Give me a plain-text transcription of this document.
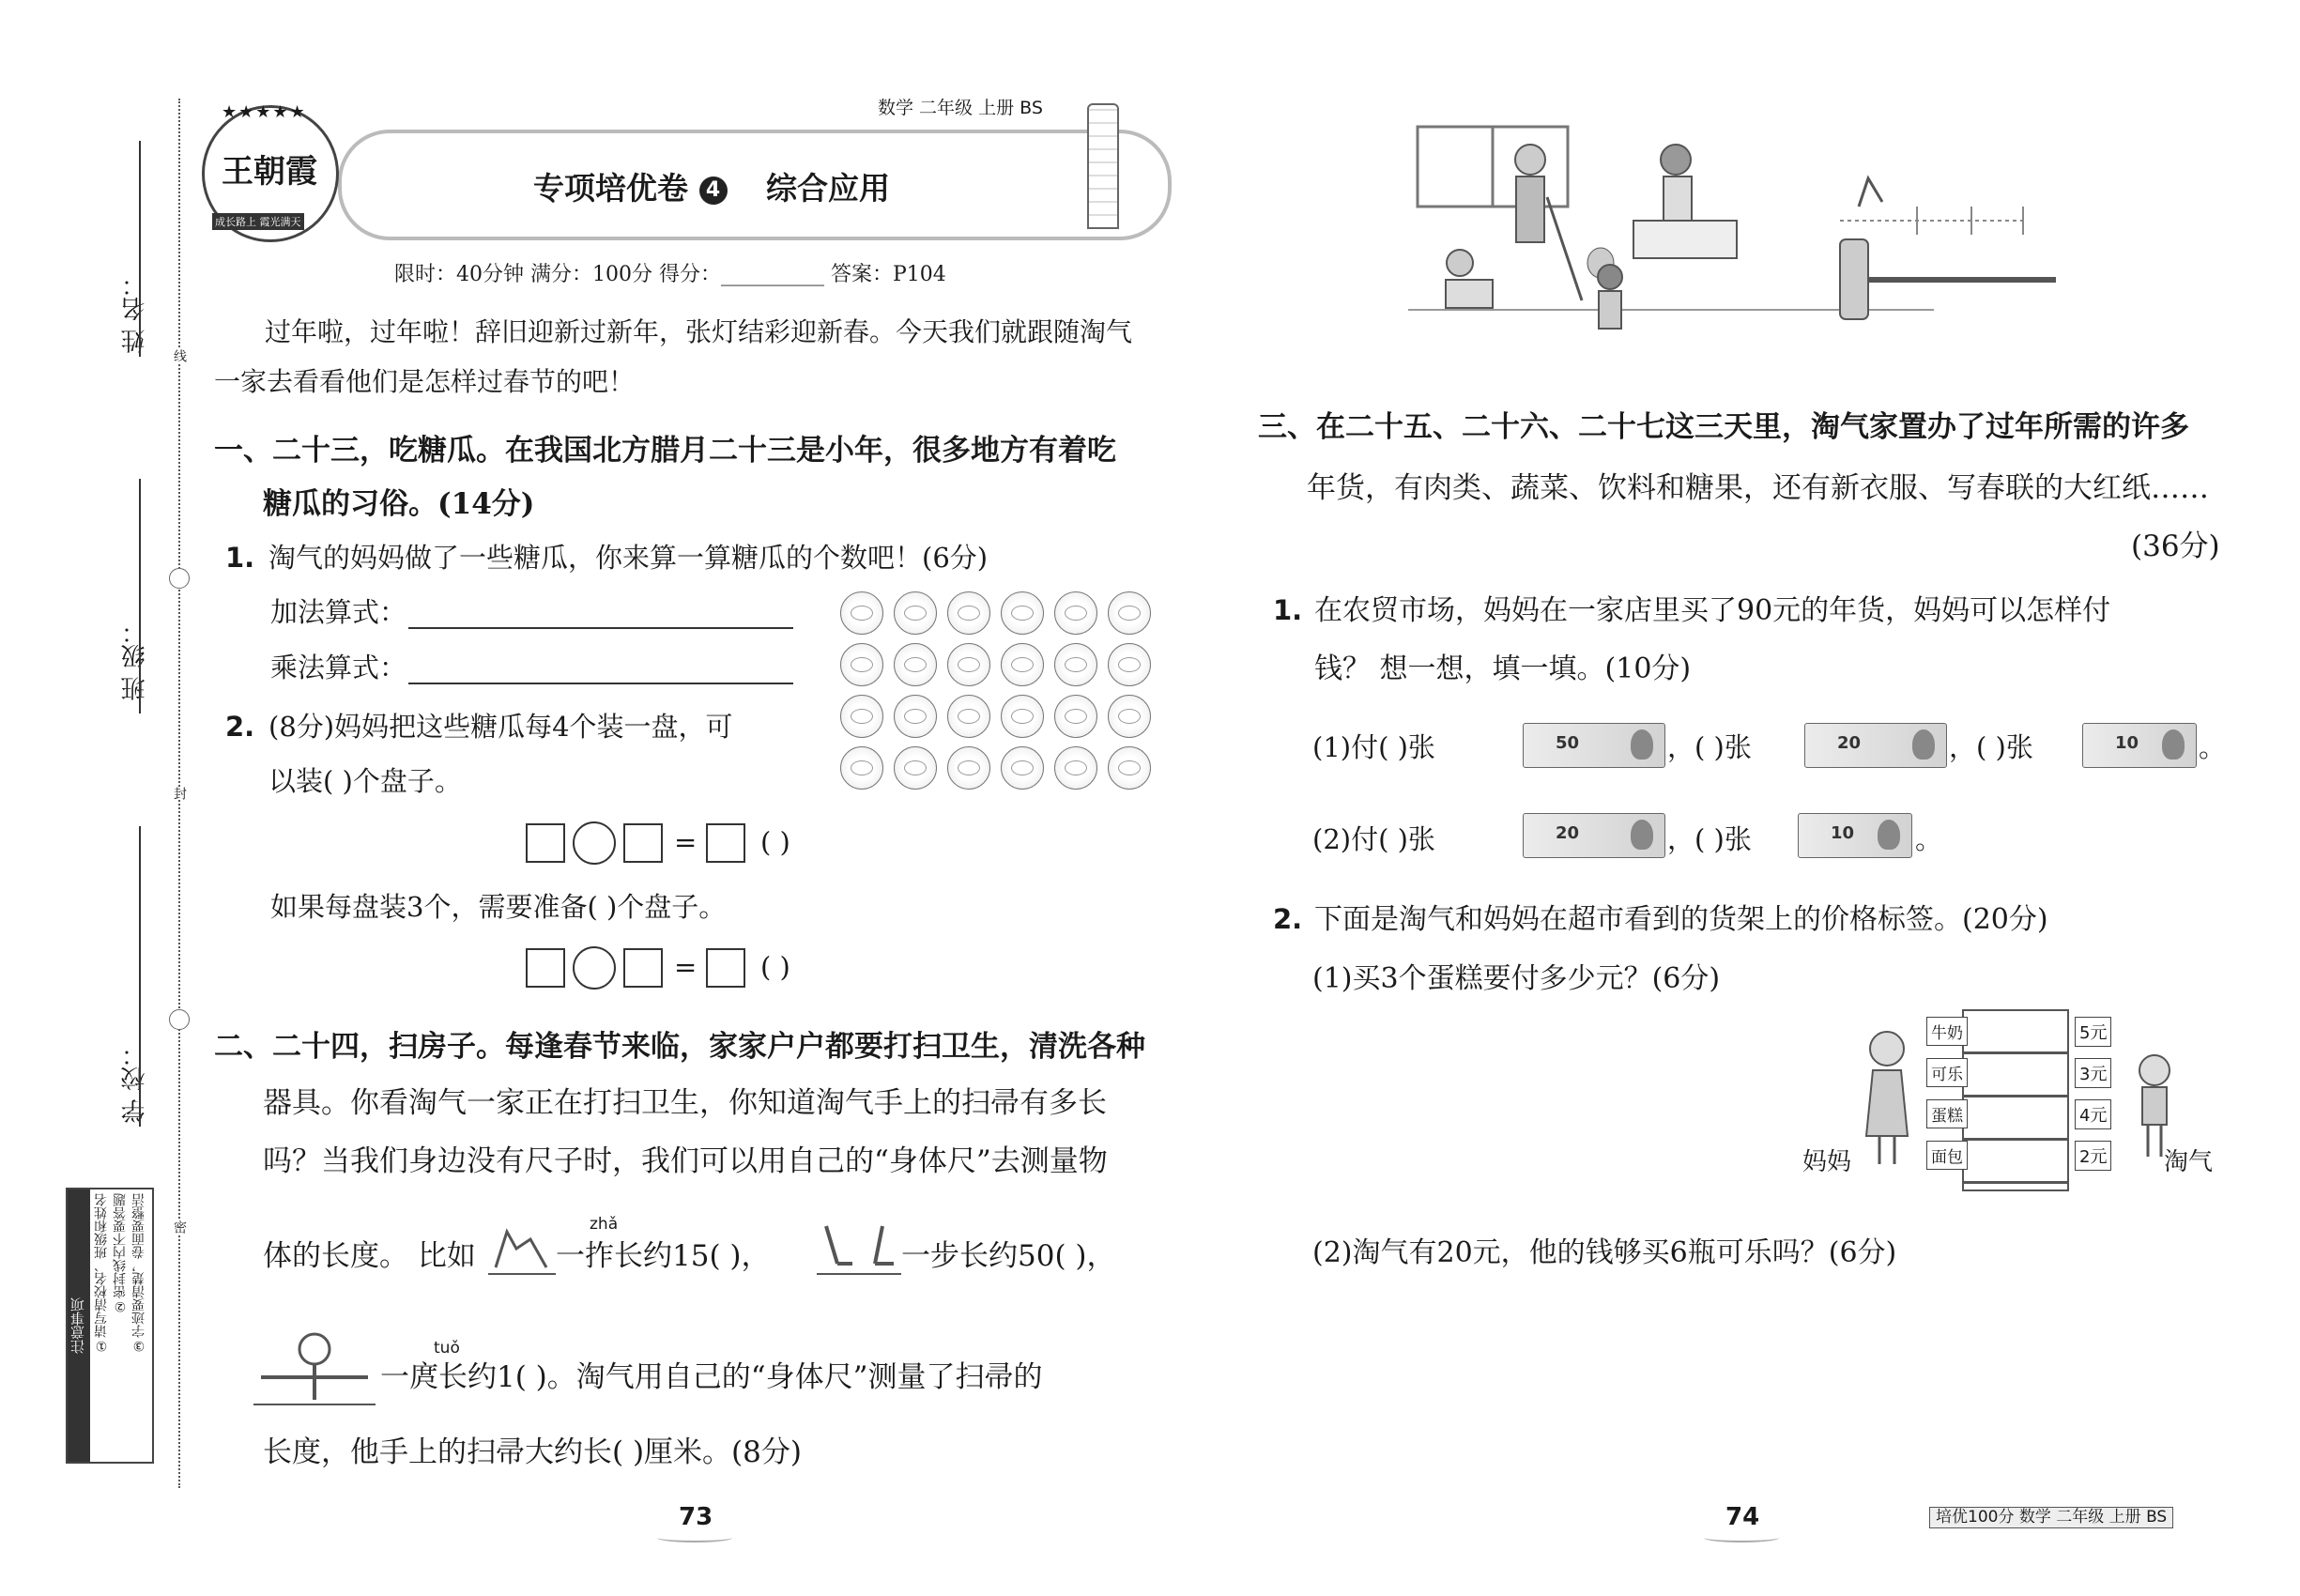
姓 名：
班 级：
学 校：
线
封
密
注意事项 ①请写清校名、班级和姓名 ②密封线内不要答题 ③字迹要清楚，卷面要整洁
★★★★★
王朝霞
成长路上 霞光满天
数学 二年级 上册 BS
专项培优卷 4 综合应用
限时：40分钟 满分：100分 得分：__________ 答案：P104
过年啦，过年啦！辞旧迎新过新年，张灯结彩迎新春。今天我们就跟随淘气
一家去看看他们是怎样过春节的吧！
一、二十三，吃糖瓜。在我国北方腊月二十三是小年，很多地方有着吃
糖瓜的习俗。(14分)
1. 淘气的妈妈做了一些糖瓜，你来算一算糖瓜的个数吧！(6分)
加法算式：
乘法算式：
2. (8分)妈妈把这些糖瓜每4个装一盘，可
以装( )个盘子。
= ( )
如果每盘装3个，需要准备( )个盘子。
= ( )
二、二十四，扫房子。每逢春节来临，家家户户都要打扫卫生，清洗各种
器具。你看淘气一家正在打扫卫生，你知道淘气手上的扫帚有多长
吗？当我们身边没有尺子时，我们可以用自己的“身体尺”去测量物
体的长度。 比如
zhǎ
一拃长约15( )，	一步长约50( )，
tuǒ
一庹长约1( )。淘气用自己的“身体尺”测量了扫帚的
长度，他手上的扫帚大约长( )厘米。(8分)
73
三、在二十五、二十六、二十七这三天里，淘气家置办了过年所需的许多
年货，有肉类、蔬菜、饮料和糖果，还有新衣服、写春联的大红纸……
(36分)
1. 在农贸市场，妈妈在一家店里买了90元的年货，妈妈可以怎样付
钱？ 想一想，填一填。(10分)
(1)付( )张	50	，( )张	20	，( )张	10 。
(2)付( )张	20	，( )张	10 。
2. 下面是淘气和妈妈在超市看到的货架上的价格标签。(20分)
(1)买3个蛋糕要付多少元？(6分)
牛奶
可乐
蛋糕
面包
5元
3元
4元
2元
妈妈	淘气
(2)淘气有20元，他的钱够买6瓶可乐吗？(6分)
74	培优100分 数学 二年级 上册 BS
